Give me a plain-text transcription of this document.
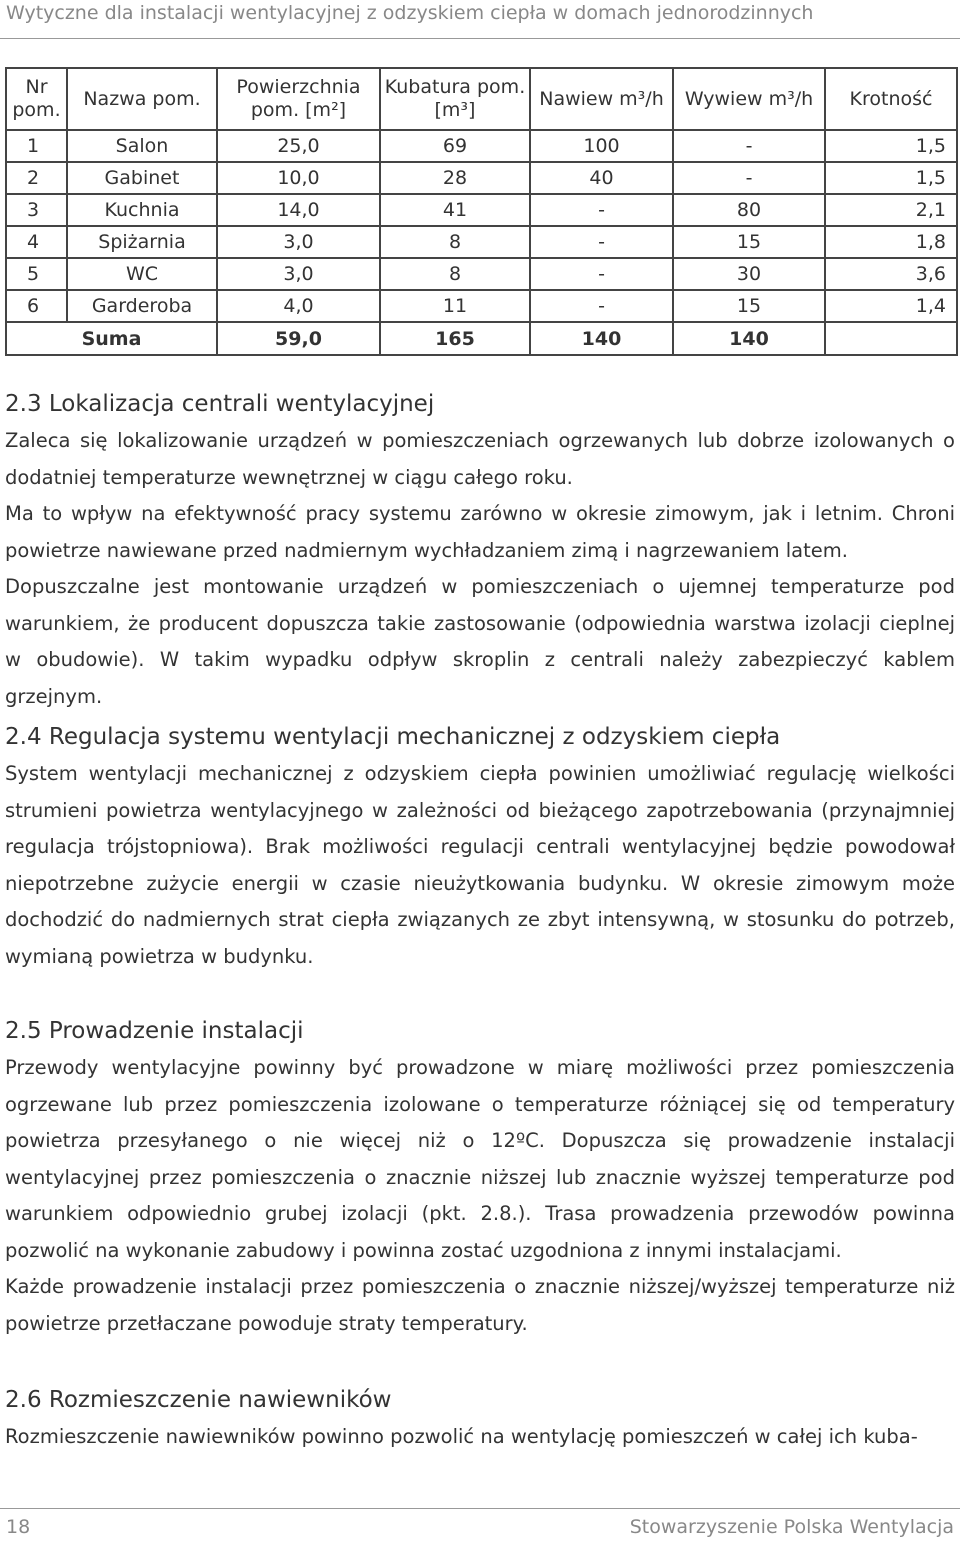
Wytyczne dla instalacji wentylacyjnej z odzyskiem ciepła w domach jednorodzinnych
Nr pom.	Nazwa pom.	Powierzchnia pom. [m²]	Kubatura pom. [m³]	Nawiew m³/h	Wywiew m³/h	Krotność
1	Salon	25,0	69	100	-	1,5
2	Gabinet	10,0	28	40	-	1,5
3	Kuchnia	14,0	41	-	80	2,1
4	Spiżarnia	3,0	8	-	15	1,8
5	WC	3,0	8	-	30	3,6
6	Garderoba	4,0	11	-	15	1,4
Suma		59,0	165	140	140	
2.3 Lokalizacja centrali wentylacyjnej

Zaleca się lokalizowanie urządzeń w pomieszczeniach ogrzewanych lub dobrze izolowanych o dodatniej temperaturze wewnętrznej w ciągu całego roku.

Ma to wpływ na efektywność pracy systemu zarówno w okresie zimowym, jak i letnim. Chroni powietrze nawiewane przed nadmiernym wychładzaniem zimą i nagrzewaniem latem.

Dopuszczalne jest montowanie urządzeń w pomieszczeniach o ujemnej temperaturze pod warunkiem, że producent dopuszcza takie zastosowanie (odpowiednia warstwa izolacji cieplnej w obudowie). W takim wypadku odpływ skroplin z centrali należy zabezpieczyć kablem grzejnym.

2.4 Regulacja systemu wentylacji mechanicznej z odzyskiem ciepła

System wentylacji mechanicznej z odzyskiem ciepła powinien umożliwiać regulację wielkości strumieni powietrza wentylacyjnego w zależności od bieżącego zapotrzebowania (przynajmniej regulacja trójstopniowa). Brak możliwości regulacji centrali wentylacyjnej będzie powodował niepotrzebne zużycie energii w czasie nieużytkowania budynku. W okresie zimowym może dochodzić do nadmiernych strat ciepła związanych ze zbyt intensywną, w stosunku do potrzeb, wymianą powietrza w budynku.

2.5 Prowadzenie instalacji

Przewody wentylacyjne powinny być prowadzone w miarę możliwości przez pomieszczenia ogrzewane lub przez pomieszczenia izolowane o temperaturze różniącej się od temperatury powietrza przesyłanego o nie więcej niż o 12ºC. Dopuszcza się prowadzenie instalacji wentylacyjnej przez pomieszczenia o znacznie niższej lub znacznie wyższej temperaturze pod warunkiem odpowiednio grubej izolacji (pkt. 2.8.). Trasa prowadzenia przewodów powinna pozwolić na wykonanie zabudowy i powinna zostać uzgodniona z innymi instalacjami.

Każde prowadzenie instalacji przez pomieszczenia o znacznie niższej/wyższej temperaturze niż powietrze przetłaczane powoduje straty temperatury.

2.6 Rozmieszczenie nawiewników

Rozmieszczenie nawiewników powinno pozwolić na wentylację pomieszczeń w całej ich kuba-

18	Stowarzyszenie Polska Wentylacja
